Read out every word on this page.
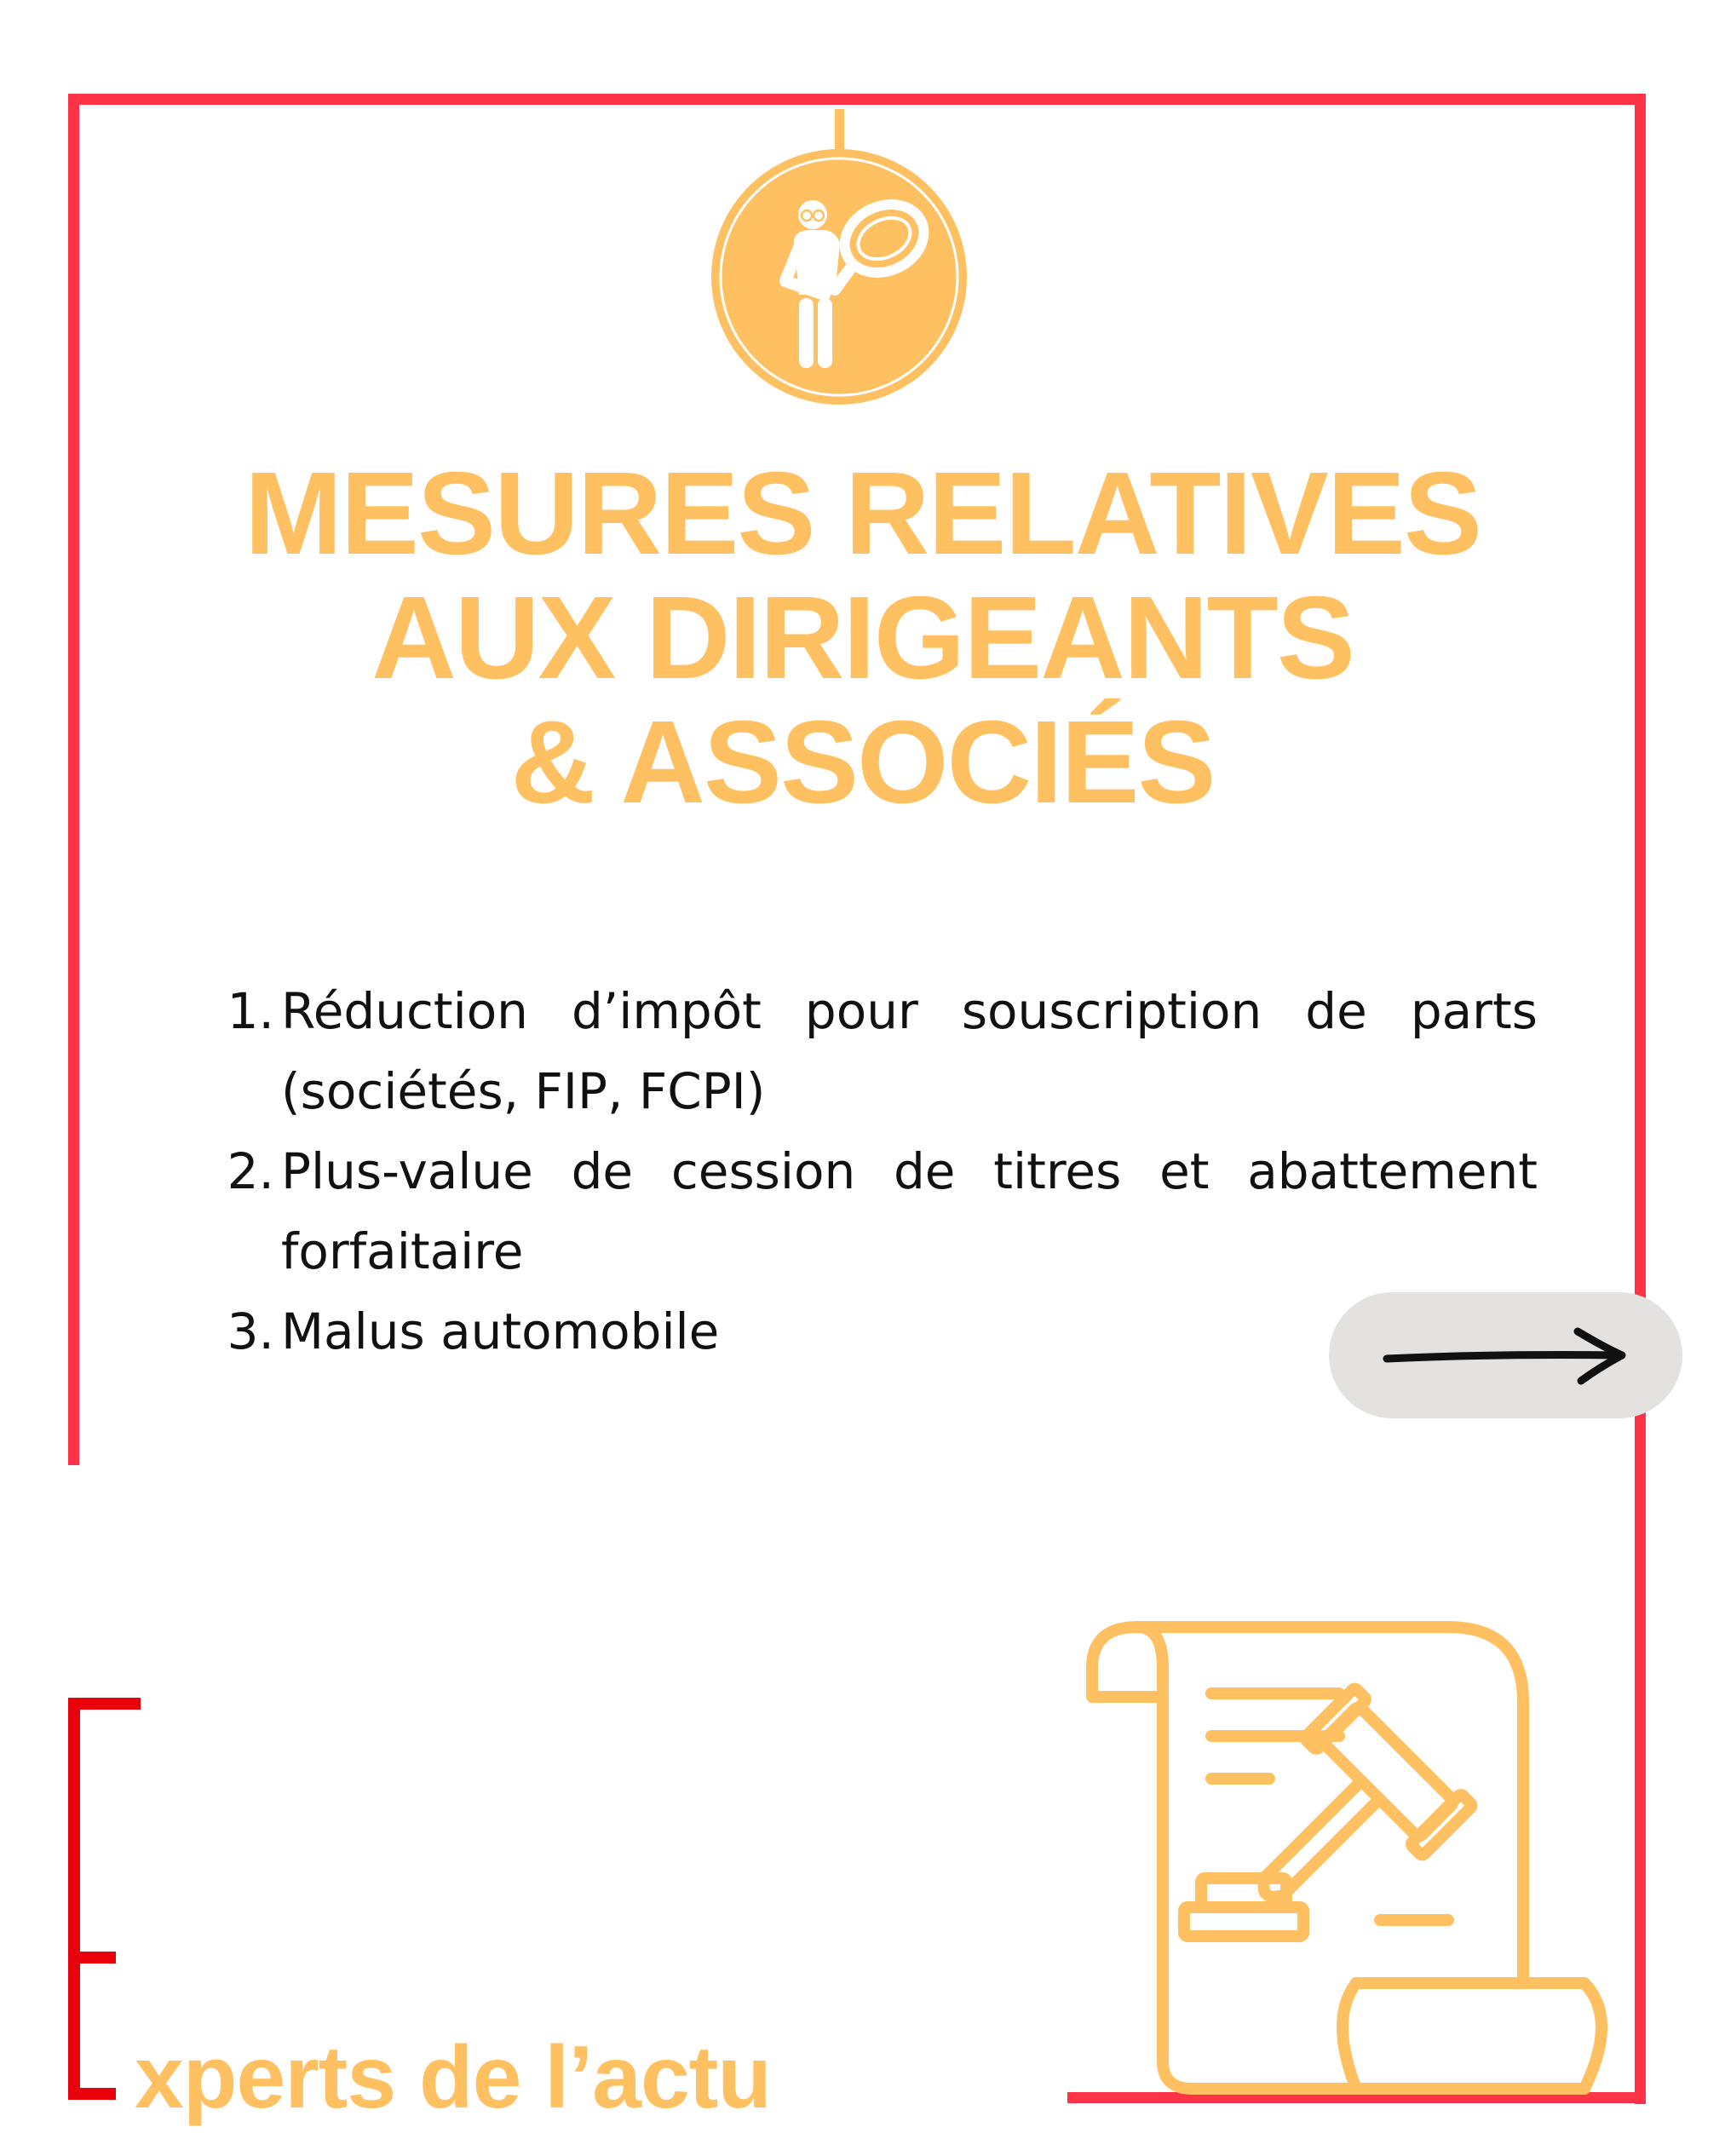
MESURES RELATIVES
AUX DIRIGEANTS
& ASSOCIÉS
1. Réduction d’impôt pour souscription de parts (sociétés, FIP, FCPI)
2. Plus-value de cession de titres et abattement forfaitaire
3. Malus automobile
xperts de l’actu
